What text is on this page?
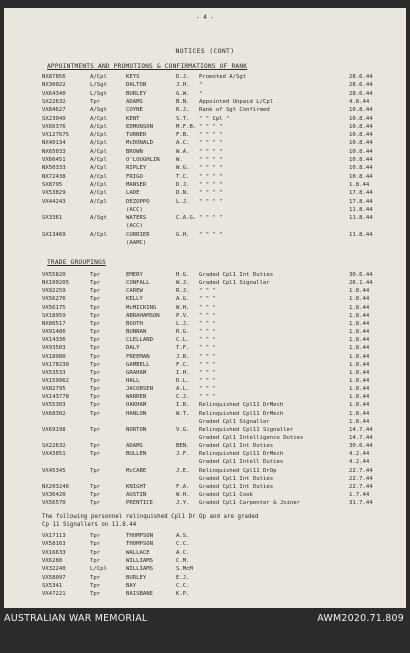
- 4 -
NOTICES (CONT)
APPOINTMENTS AND PROMOTIONS & CONFIRMATIONS OF RANK
NX87856	A/Cpl	KEYS	D.J. Promoted A/Sgt	28.6.44
NX30022	L/Sgt	DALTON	J.H. "	28.6.44
VX64340	L/Sgt	BURLEY	G.W. "	28.6.44
SX22632	Tpr	ADAMS	B.N. Appointed Unpaid L/Cpl	4.8.44
VX84627	A/Sgt	COYNE	R.J. Rank of Sgt Confirmed	10.8.44
SX23049	A/Cpl	KENT	S.T. " " Cpl "	10.8.44
VX66376	A/Cpl	EDMONSON	M.F.B. " " " "	10.8.44
VX127675	A/Cpl	TURNER	F.B. " " " "	10.8.44
NX40134	A/Cpl	McDONALD	A.C. " " " "	10.8.44
NX65033	A/Cpl	BROWN	W.A. " " " "	10.8.44
VX66451	A/Cpl	O'LOUGHLIN	W.	" " " "	10.8.44
NX50333	A/Cpl	RIPLEY	W.G. " " " "	10.8.44
NX72438	A/Cpl	FRIGO	T.C. " " " "	10.8.44
SX8795	A/Cpl	MANSER	D.J. " " " "	1.8.44
VX53829	A/Cpl	LADE	D.N. " " " "	17.8.44
VX44243	A/Cpl	DEZOPPO	L.J. " " " "	17.8.44
(ACC)	11.8.44
SX3361	A/Sgt	WATERS	C.A.G. " " " "	11.8.44
(ACC)
SX13469	A/Cpl	CURRIER	G.H. " " " "	11.8.44
(AAMC)
TRADE GROUPINGS
VX55820	Tpr	EMERY	H.G. Graded Cpl1 Int Duties	30.6.44
NX100205	Tpr	CONFALL	W.J. Graded Cpl1 Signaller	26.1.44
VX92259	Tpr	CAREW	R.J. " " "	1.8.44
VX56276	Tpr	KELLY	A.G. " " "	1.8.44
VX56175	Tpr	McMICKING	W.H. " " "	1.8.44
SX18959	Tpr	ABRAHAMSON	P.V. " " "	1.8.44
NX80517	Tpr	BOOTH	L.J. " " "	1.8.44
VX91486	Tpr	BUNNAN	R.G. " " "	1.8.44
VX14336	Tpr	CLELLAND	C.L. " " "	1.8.44
VX93503	Tpr	DALY	T.F. " " "	1.8.44
VX18980	Tpr	FREEMAN	J.R. " " "	1.8.44
VX178230	Tpr	GAMBELL	F.C. " " "	1.8.44
VX53533	Tpr	GRAHAM	I.H. " " "	1.8.44
VX159962	Tpr	HALL	D.L. " " "	1.8.44
VX82795	Tpr	JACOBSEN	A.L. " " "	1.8.44
VX143778	Tpr	WARREN	C.J. " " "	1.8.44
VX55303	Tpr	OAKHAM	I.R. Relinquished Cpl11 DrMech	1.8.44
VX68302	Tpr	HANLON	W.T. Relinquished Cpl11 DrMech	1.8.44
Graded Cpl1 Signaller	1.8.44
VX69198	Tpr	NORTON	V.G. Relinquished Cpl11 Signaller	14.7.44
Graded Cpl1 Intelligence Duties	14.7.44
SX22632	Tpr	ADAMS	BEN. Graded Cpl1 Int Duties	30.6.44
VX43851	Tpr	BULLEN	J.F. Relinquished Cpl11 DrMech	4.2.44
Graded Cpl1 Intell Duties	4.2.44
VX45345	Tpr	McCABE	J.E. Relinquished Cpl11 DrOp	22.7.44
Graded Cpl1 Int Duties	22.7.44
NX203246	Tpr	KNIGHT	F.A. Graded Cpl1 Int Duties	22.7.44
VX36420	Tpr	AUSTIN	W.H. Graded Cpl1 Cook	1.7.44
VX56570	Tpr	PRENTICE	J.Y. Graded Cpl1 Carpenter & Joiner	31.7.44
The following personnel relinquished Cpl1 Dr Op and are graded
Cp 11 Signallers on 11.8.44
VX17113	Tpr	THOMPSON	A.S.
VX58163	Tpr	THOMPSON	C.C.
VX16633	Tpr	WALLACE	A.C.
VX6288	Tpr	WILLIAMS	C.M.
VX32240	L/Cpl	WILLIAMS	S.McM
VX58097	Tpr	BURLEY	E.J.
SX5341	Tpr	BAY	C.C.
VX47221	Tpr	BAISBANE	K.P.
AUSTRALIAN WAR MEMORIAL	AWM2020.71.809
